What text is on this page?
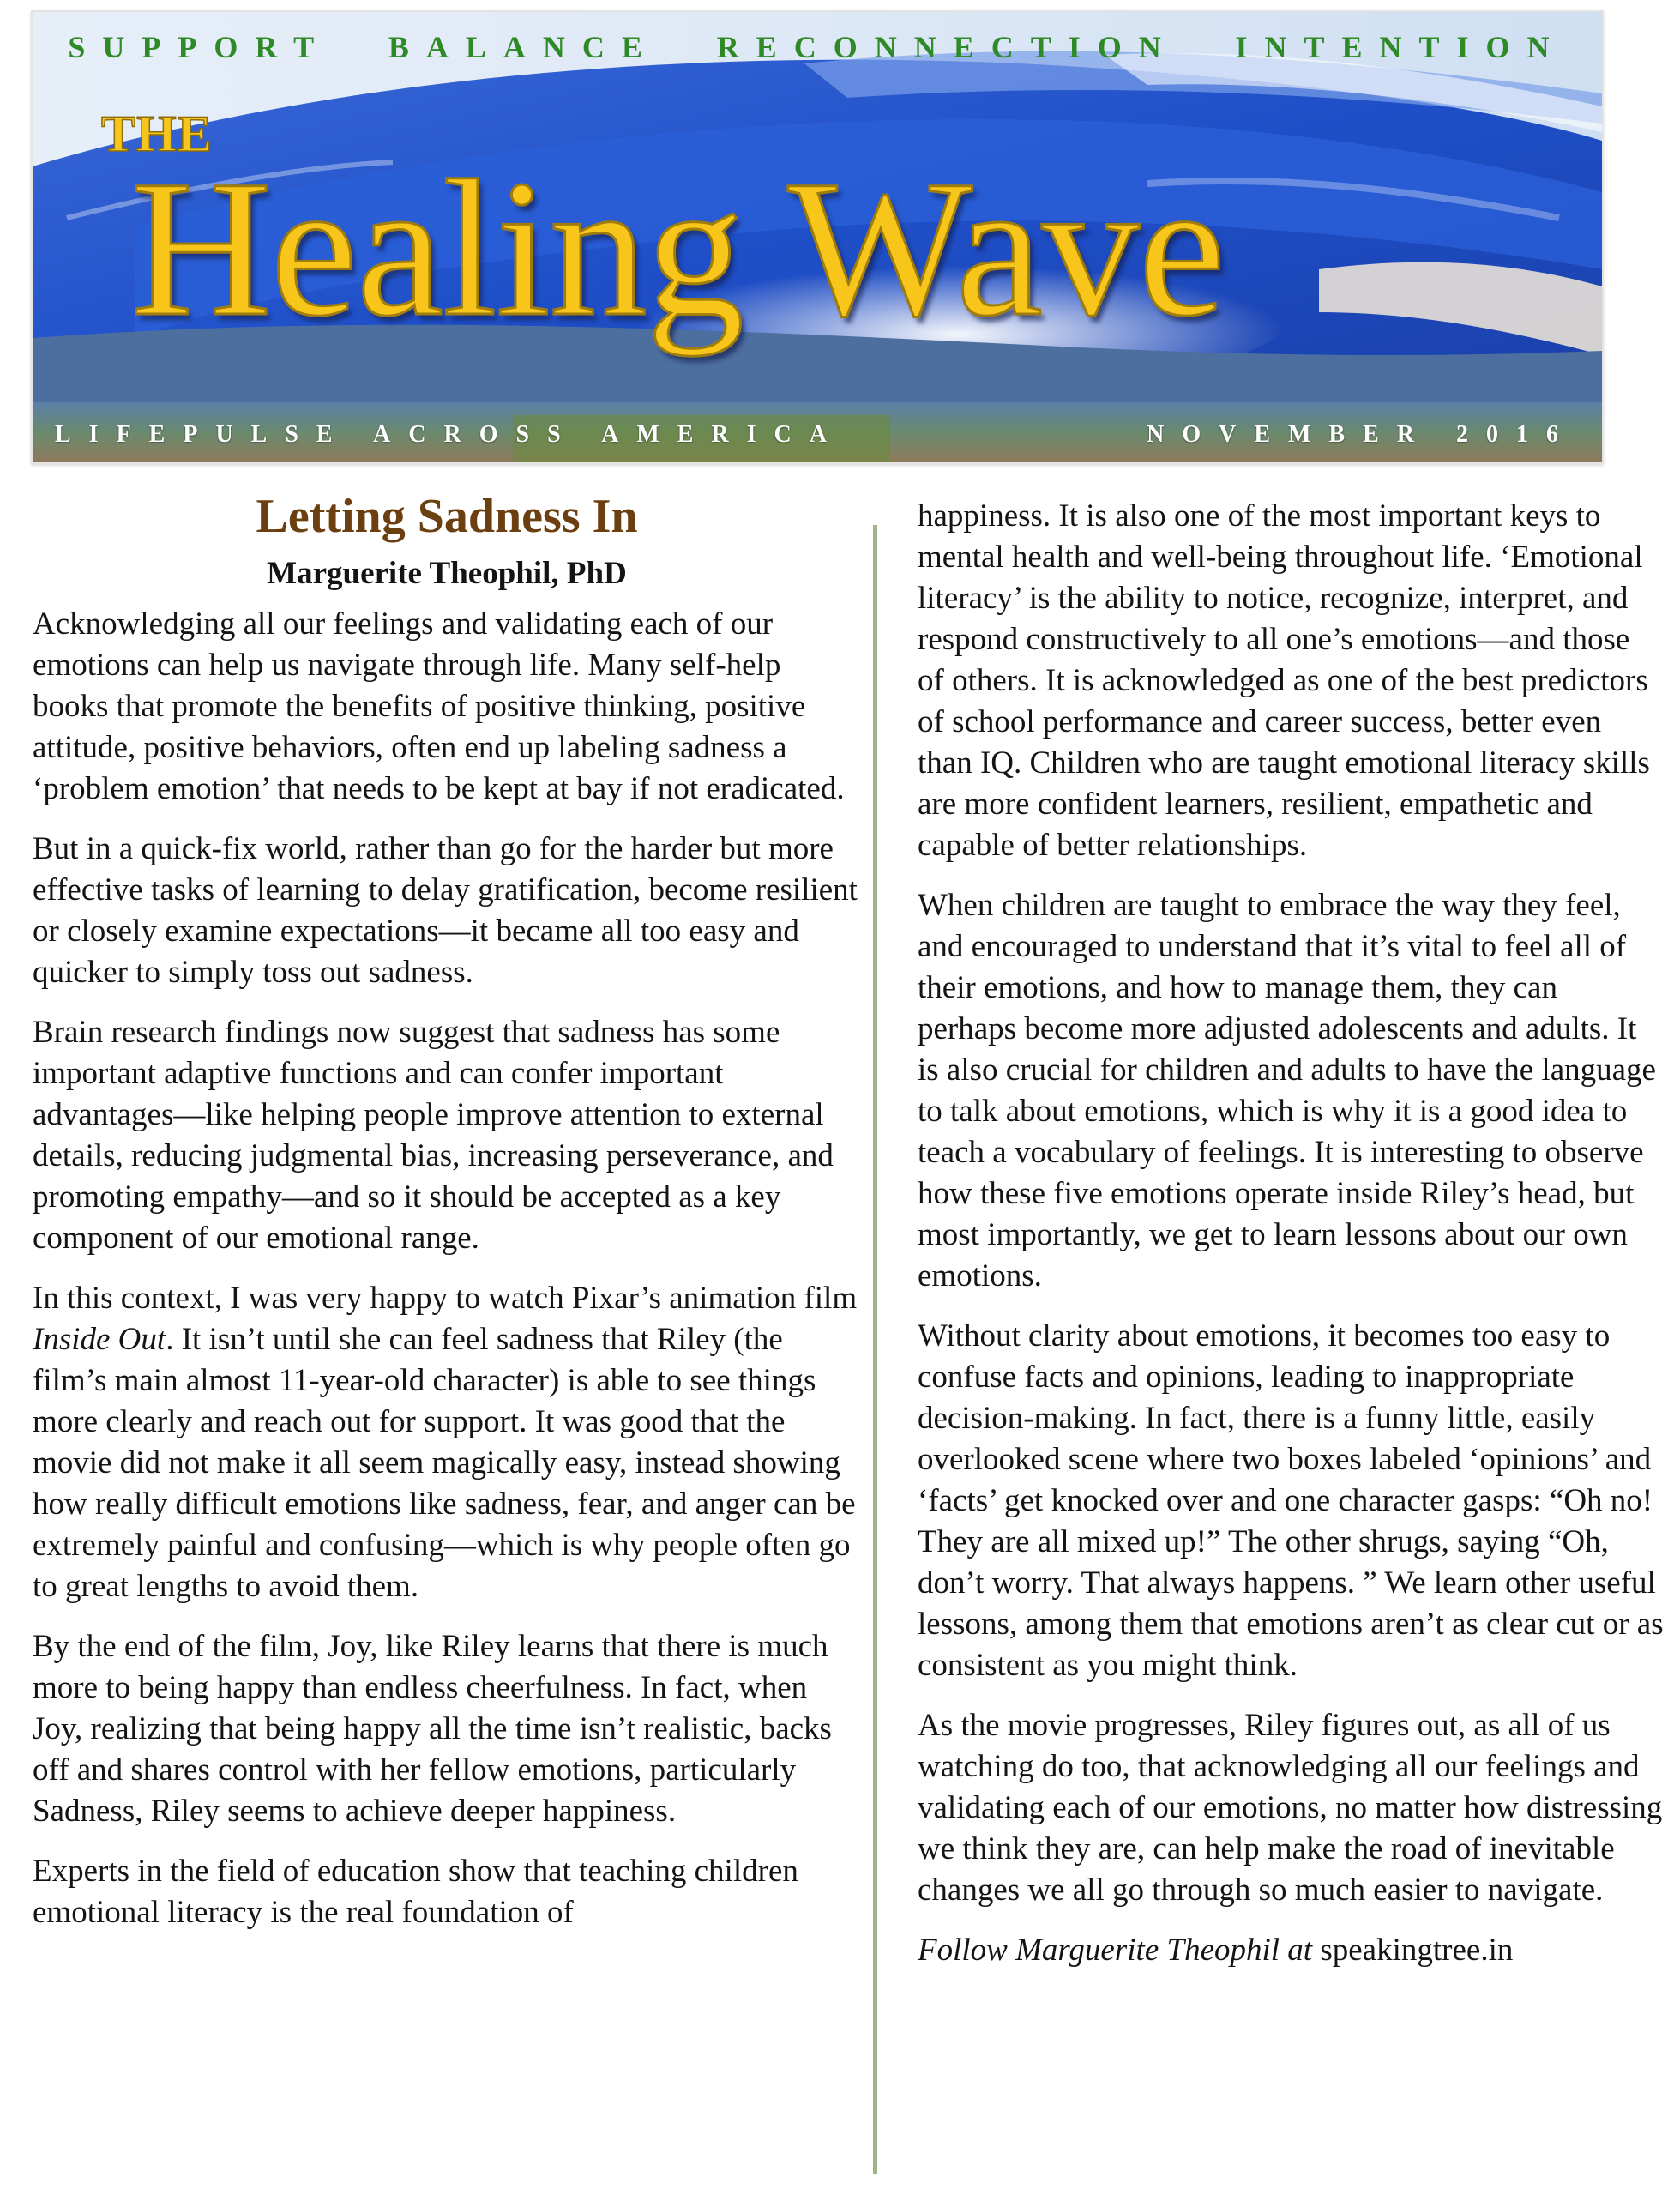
SUPPORT BALANCE RECONNECTION INTENTION
THE
Healing Wave
LIFEPULSE ACROSS AMERICA	NOVEMBER 2016
Letting Sadness In
Marguerite Theophil, PhD

Acknowledging all our feelings and validating each of our emotions can help us navigate through life. Many self-help books that promote the benefits of positive thinking, positive attitude, positive behaviors, often end up labeling sadness a ‘problem emotion’ that needs to be kept at bay if not eradicated.

But in a quick-fix world, rather than go for the harder but more effective tasks of learning to delay gratification, become resilient or closely examine expectations—it became all too easy and quicker to simply toss out sadness.

Brain research findings now suggest that sadness has some important adaptive functions and can confer important advantages—like helping people improve attention to external details, reducing judgmental bias, increasing perseverance, and promoting empathy—and so it should be accepted as a key component of our emotional range.

In this context, I was very happy to watch Pixar’s animation film Inside Out. It isn’t until she can feel sadness that Riley (the film’s main almost 11-year-old character) is able to see things more clearly and reach out for support. It was good that the movie did not make it all seem magically easy, instead showing how really difficult emotions like sadness, fear, and anger can be extremely painful and confusing—which is why people often go to great lengths to avoid them.

By the end of the film, Joy, like Riley learns that there is much more to being happy than endless cheerfulness. In fact, when Joy, realizing that being happy all the time isn’t realistic, backs off and shares control with her fellow emotions, particularly Sadness, Riley seems to achieve deeper happiness.

Experts in the field of education show that teaching children emotional literacy is the real foundation of

happiness. It is also one of the most important keys to mental health and well-being throughout life. ‘Emotional literacy’ is the ability to notice, recognize, interpret, and respond constructively to all one’s emotions—and those of others. It is acknowledged as one of the best predictors of school performance and career success, better even than IQ. Children who are taught emotional literacy skills are more confident learners, resilient, empathetic and capable of better relationships.

When children are taught to embrace the way they feel, and encouraged to understand that it’s vital to feel all of their emotions, and how to manage them, they can perhaps become more adjusted adolescents and adults. It is also crucial for children and adults to have the language to talk about emotions, which is why it is a good idea to teach a vocabulary of feelings. It is interesting to observe how these five emotions operate inside Riley’s head, but most importantly, we get to learn lessons about our own emotions.

Without clarity about emotions, it becomes too easy to confuse facts and opinions, leading to inappropriate decision-making. In fact, there is a funny little, easily overlooked scene where two boxes labeled ‘opinions’ and ‘facts’ get knocked over and one character gasps: “Oh no! They are all mixed up!” The other shrugs, saying “Oh, don’t worry. That always happens. ” We learn other useful lessons, among them that emotions aren’t as clear cut or as consistent as you might think.

As the movie progresses, Riley figures out, as all of us watching do too, that acknowledging all our feelings and validating each of our emotions, no matter how distressing we think they are, can help make the road of inevitable changes we all go through so much easier to navigate.

Follow Marguerite Theophil at speakingtree.in
